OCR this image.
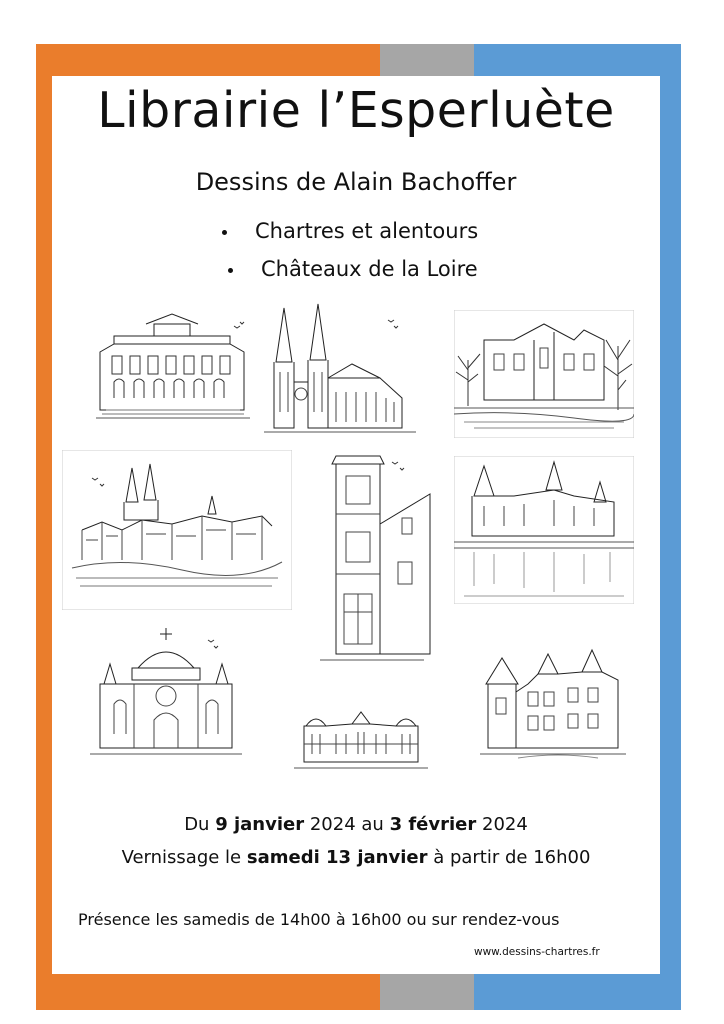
Librairie l’Esperluète
Dessins de Alain Bachoffer
Chartres et alentours
Châteaux de la Loire
Du 9 janvier 2024 au 3 février 2024
Vernissage le samedi 13 janvier à partir de 16h00
Présence les samedis de 14h00 à 16h00 ou sur rendez-vous
www.dessins-chartres.fr
